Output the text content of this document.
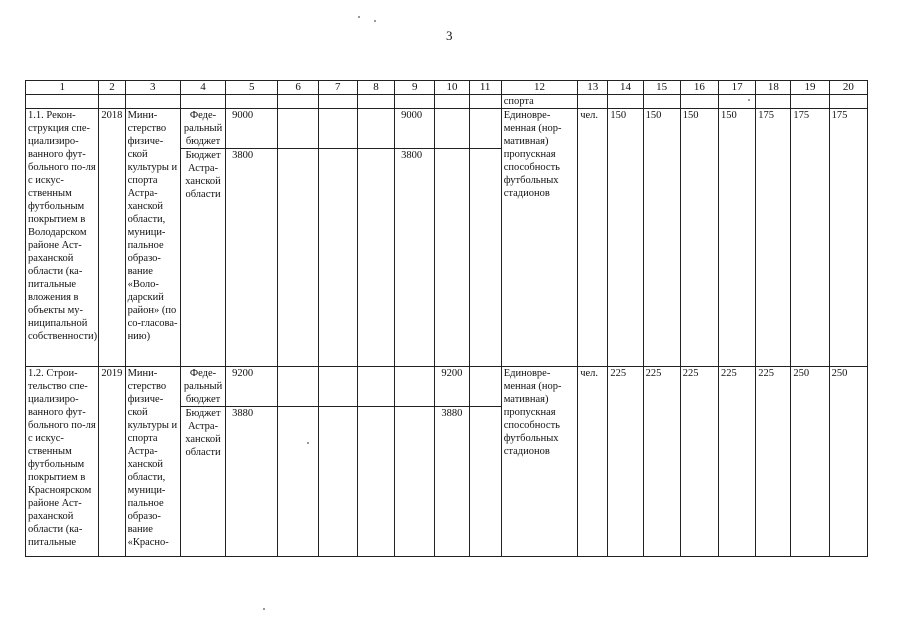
3
1	2	3	4	5	6	7	8	9	10	11	12	13	14	15	16	17	18	19	20
											спорта								
1.1. Рекон-струкция спе-циализиро-ванного фут-больного по-ля с искус-ственным футбольным покрытием в Володарском районе Аст-раханской области (ка-питальные вложения в объекты му-ниципальной собственности)	2018	Мини-стерство физиче-ской культуры и спорта Астра-ханской области, муници-пальное образо-вание «Воло-дарский район» (по со-гласова-нию)	Феде-ральный бюджет	9000				9000			Единовре-менная (нор-мативная) пропускная способность футбольных стадионов	чел.	150	150	150	150	175	175	175
			Бюджет Астра-ханской области	3800				3800											
1.2. Строи-тельство спе-циализиро-ванного фут-больного по-ля с искус-ственным футбольным покрытием в Красноярском районе Аст-раханской области (ка-питальные	2019	Мини-стерство физиче-ской культуры и спорта Астра-ханской области, муници-пальное образо-вание «Красно-	Феде-ральный бюджет	9200					9200		Единовре-менная (нор-мативная) пропускная способность футбольных стадионов	чел.	225	225	225	225	225	250	250
			Бюджет Астра-ханской области	3880					3880										
